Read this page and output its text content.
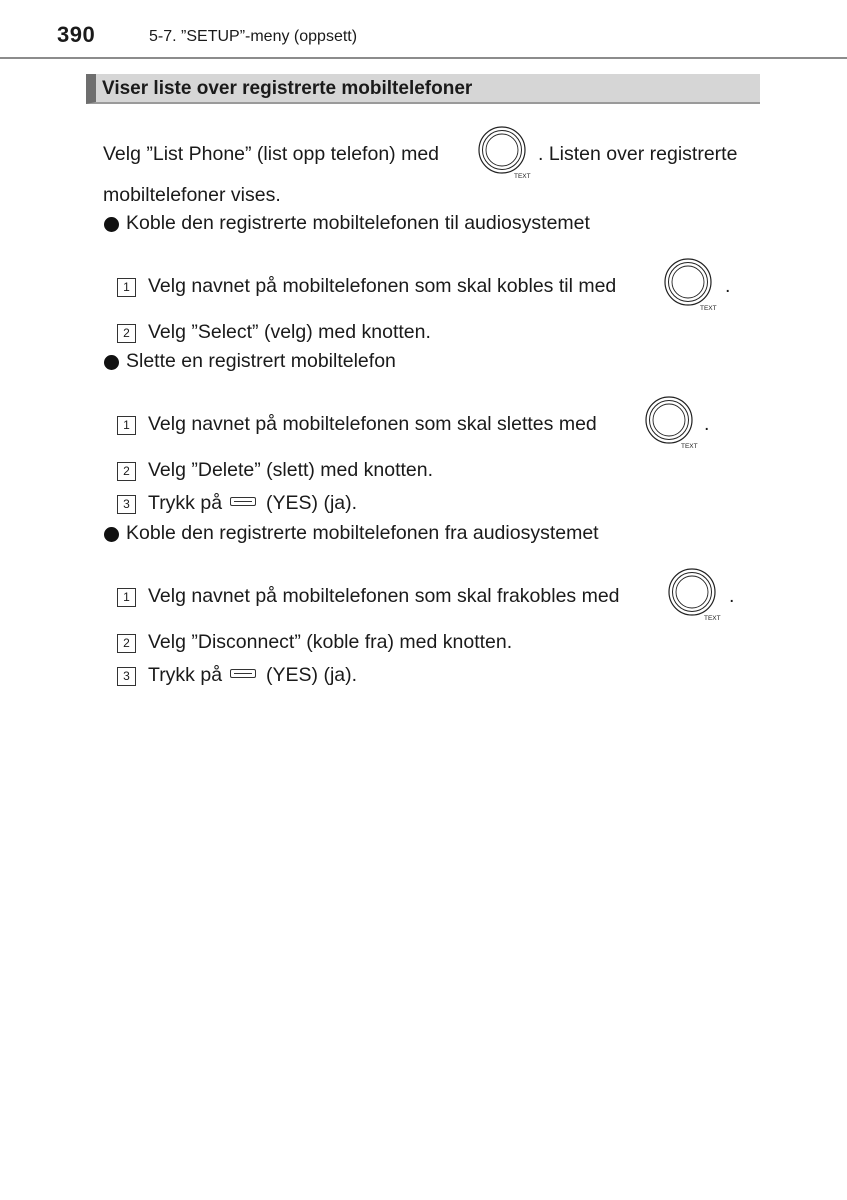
390	5-7. ”SETUP”-meny (oppsett)
Viser liste over registrerte mobiltelefoner
Velg ”List Phone” (list opp telefon) med
TEXT
. Listen over registrerte
mobiltelefoner vises.
Koble den registrerte mobiltelefonen til audiosystemet
1 Velg navnet på mobiltelefonen som skal kobles til med
TEXT
.
2 Velg ”Select” (velg) med knotten.
Slette en registrert mobiltelefon
1 Velg navnet på mobiltelefonen som skal slettes med
TEXT
.
2 Velg ”Delete” (slett) med knotten.
3 Trykk på (YES) (ja).
Koble den registrerte mobiltelefonen fra audiosystemet
1 Velg navnet på mobiltelefonen som skal frakobles med
TEXT
.
2 Velg ”Disconnect” (koble fra) med knotten.
3 Trykk på (YES) (ja).
